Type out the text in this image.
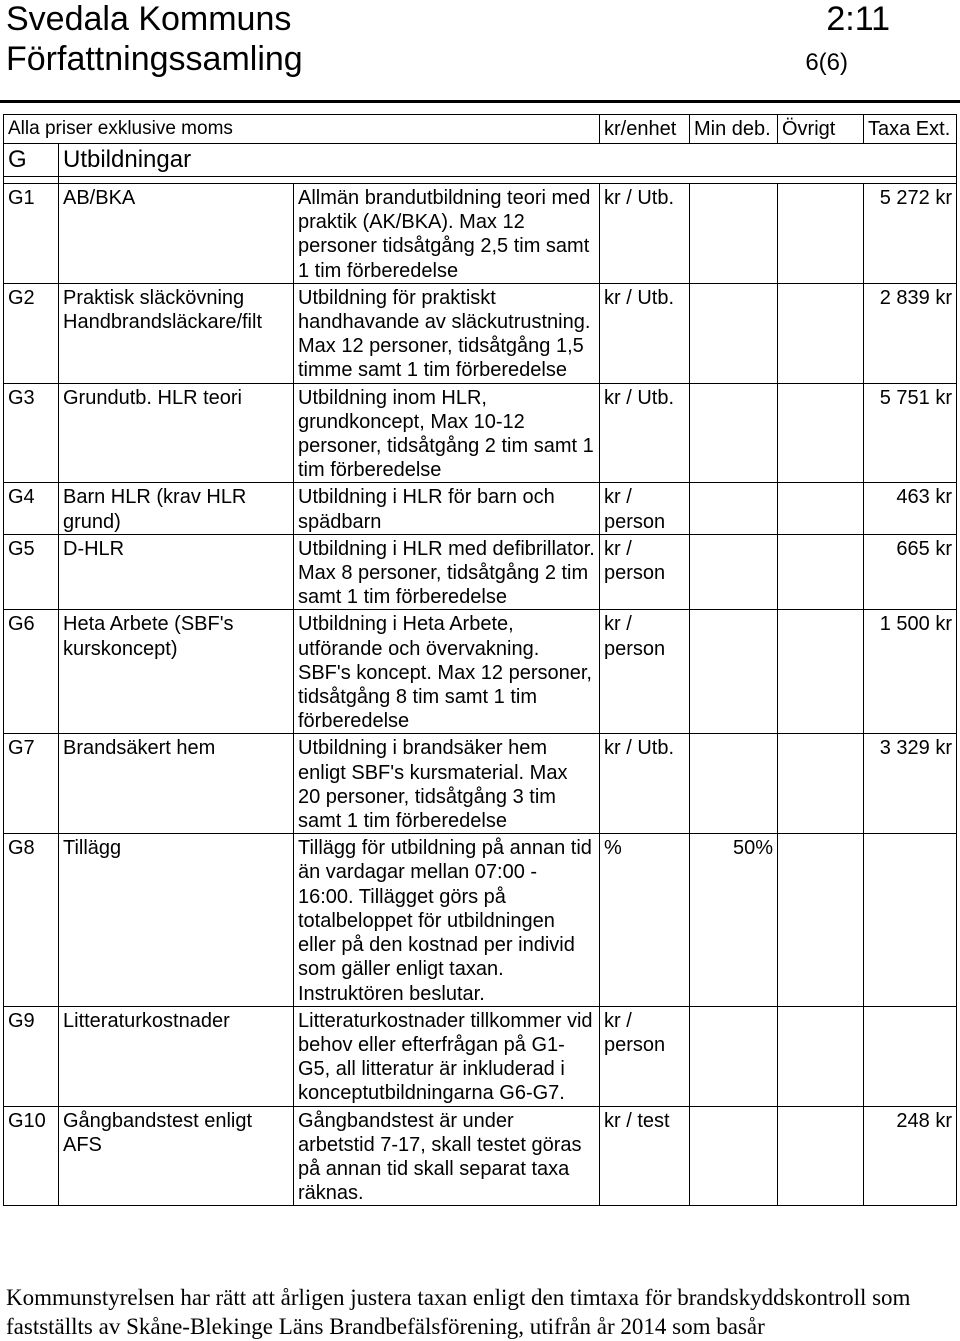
Svedala Kommuns
Författningssamling
2:11
6(6)
Alla priser exklusive moms			kr/enhet	Min deb.	Övrigt	Taxa Ext.
G	Utbildningar					

G1	AB/BKA	Allmän brandutbildning teori med praktik (AK/BKA). Max 12 personer tidsåtgång 2,5 tim samt 1 tim förberedelse	kr / Utb.			5 272 kr
G2	Praktisk släckövning Handbrandsläckare/filt	Utbildning för praktiskt handhavande av släckutrustning. Max 12 personer, tidsåtgång 1,5 timme samt 1 tim förberedelse	kr / Utb.			2 839 kr
G3	Grundutb. HLR teori	Utbildning inom HLR, grundkoncept, Max 10-12 personer, tidsåtgång 2 tim samt 1 tim förberedelse	kr / Utb.			5 751 kr
G4	Barn HLR (krav HLR grund)	Utbildning i HLR för barn och spädbarn	kr / person			463 kr
G5	D-HLR	Utbildning i HLR med defibrillator. Max 8 personer, tidsåtgång 2 tim samt 1 tim förberedelse	kr / person			665 kr
G6	Heta Arbete (SBF's kurskoncept)	Utbildning i Heta Arbete, utförande och övervakning. SBF's koncept. Max 12 personer, tidsåtgång 8 tim samt 1 tim förberedelse	kr / person			1 500 kr
G7	Brandsäkert hem	Utbildning i brandsäker hem enligt SBF's kursmaterial. Max 20 personer, tidsåtgång 3 tim samt 1 tim förberedelse	kr / Utb.			3 329 kr
G8	Tillägg	Tillägg för utbildning på annan tid än vardagar mellan 07:00 - 16:00. Tillägget görs på totalbeloppet för utbildningen eller på den kostnad per individ som gäller enligt taxan. Instruktören beslutar.	%	50%		
G9	Litteraturkostnader	Litteraturkostnader tillkommer vid behov eller efterfrågan på G1-G5, all litteratur är inkluderad i konceptutbildningarna G6-G7.	kr / person			
G10	Gångbandstest enligt AFS	Gångbandstest är under arbetstid 7-17, skall testet göras på annan tid skall separat taxa räknas.	kr / test			248 kr
Kommunstyrelsen har rätt att årligen justera taxan enligt den timtaxa för brandskyddskontroll som fastställts av Skåne-Blekinge Läns Brandbefälsförening, utifrån år 2014 som basår
